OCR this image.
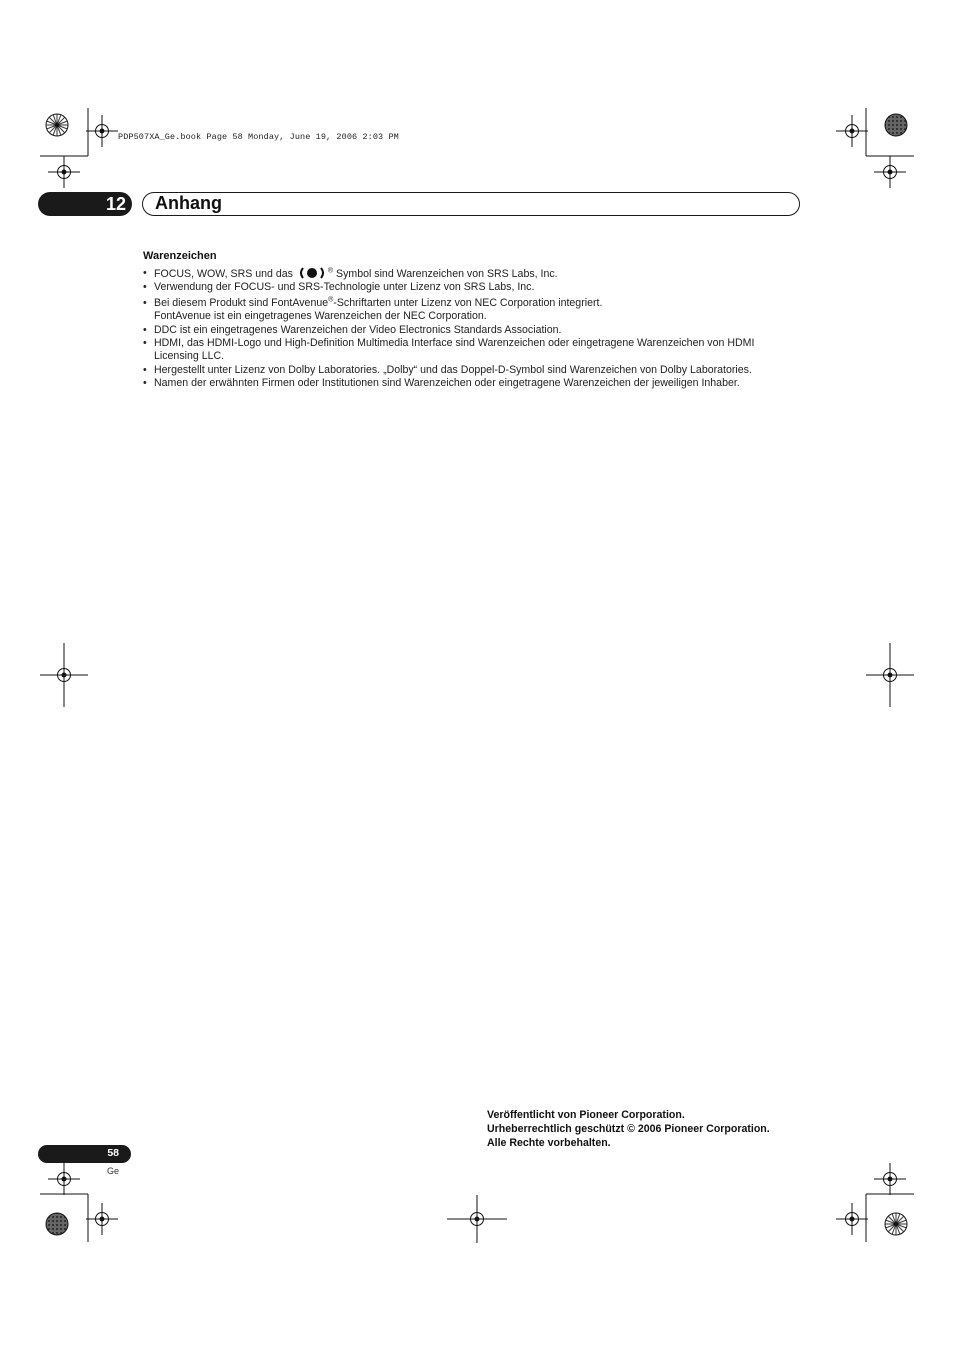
PDP507XA_Ge.book Page 58 Monday, June 19, 2006 2:03 PM
12 Anhang
Warenzeichen
• FOCUS, WOW, SRS und das	® Symbol sind Warenzeichen von SRS Labs, Inc.
• Verwendung der FOCUS- und SRS-Technologie unter Lizenz von SRS Labs, Inc.
• Bei diesem Produkt sind FontAvenue®-Schriftarten unter Lizenz von NEC Corporation integriert.
FontAvenue ist ein eingetragenes Warenzeichen der NEC Corporation.
• DDC ist ein eingetragenes Warenzeichen der Video Electronics Standards Association.
• HDMI, das HDMI-Logo und High-Definition Multimedia Interface sind Warenzeichen oder eingetragene Warenzeichen von HDMI Licensing LLC.
• Hergestellt unter Lizenz von Dolby Laboratories. „Dolby“ und das Doppel-D-Symbol sind Warenzeichen von Dolby Laboratories.
• Namen der erwähnten Firmen oder Institutionen sind Warenzeichen oder eingetragene Warenzeichen der jeweiligen Inhaber.
Veröffentlicht von Pioneer Corporation.
Urheberrechtlich geschützt © 2006 Pioneer Corporation.
Alle Rechte vorbehalten.
58
Ge
